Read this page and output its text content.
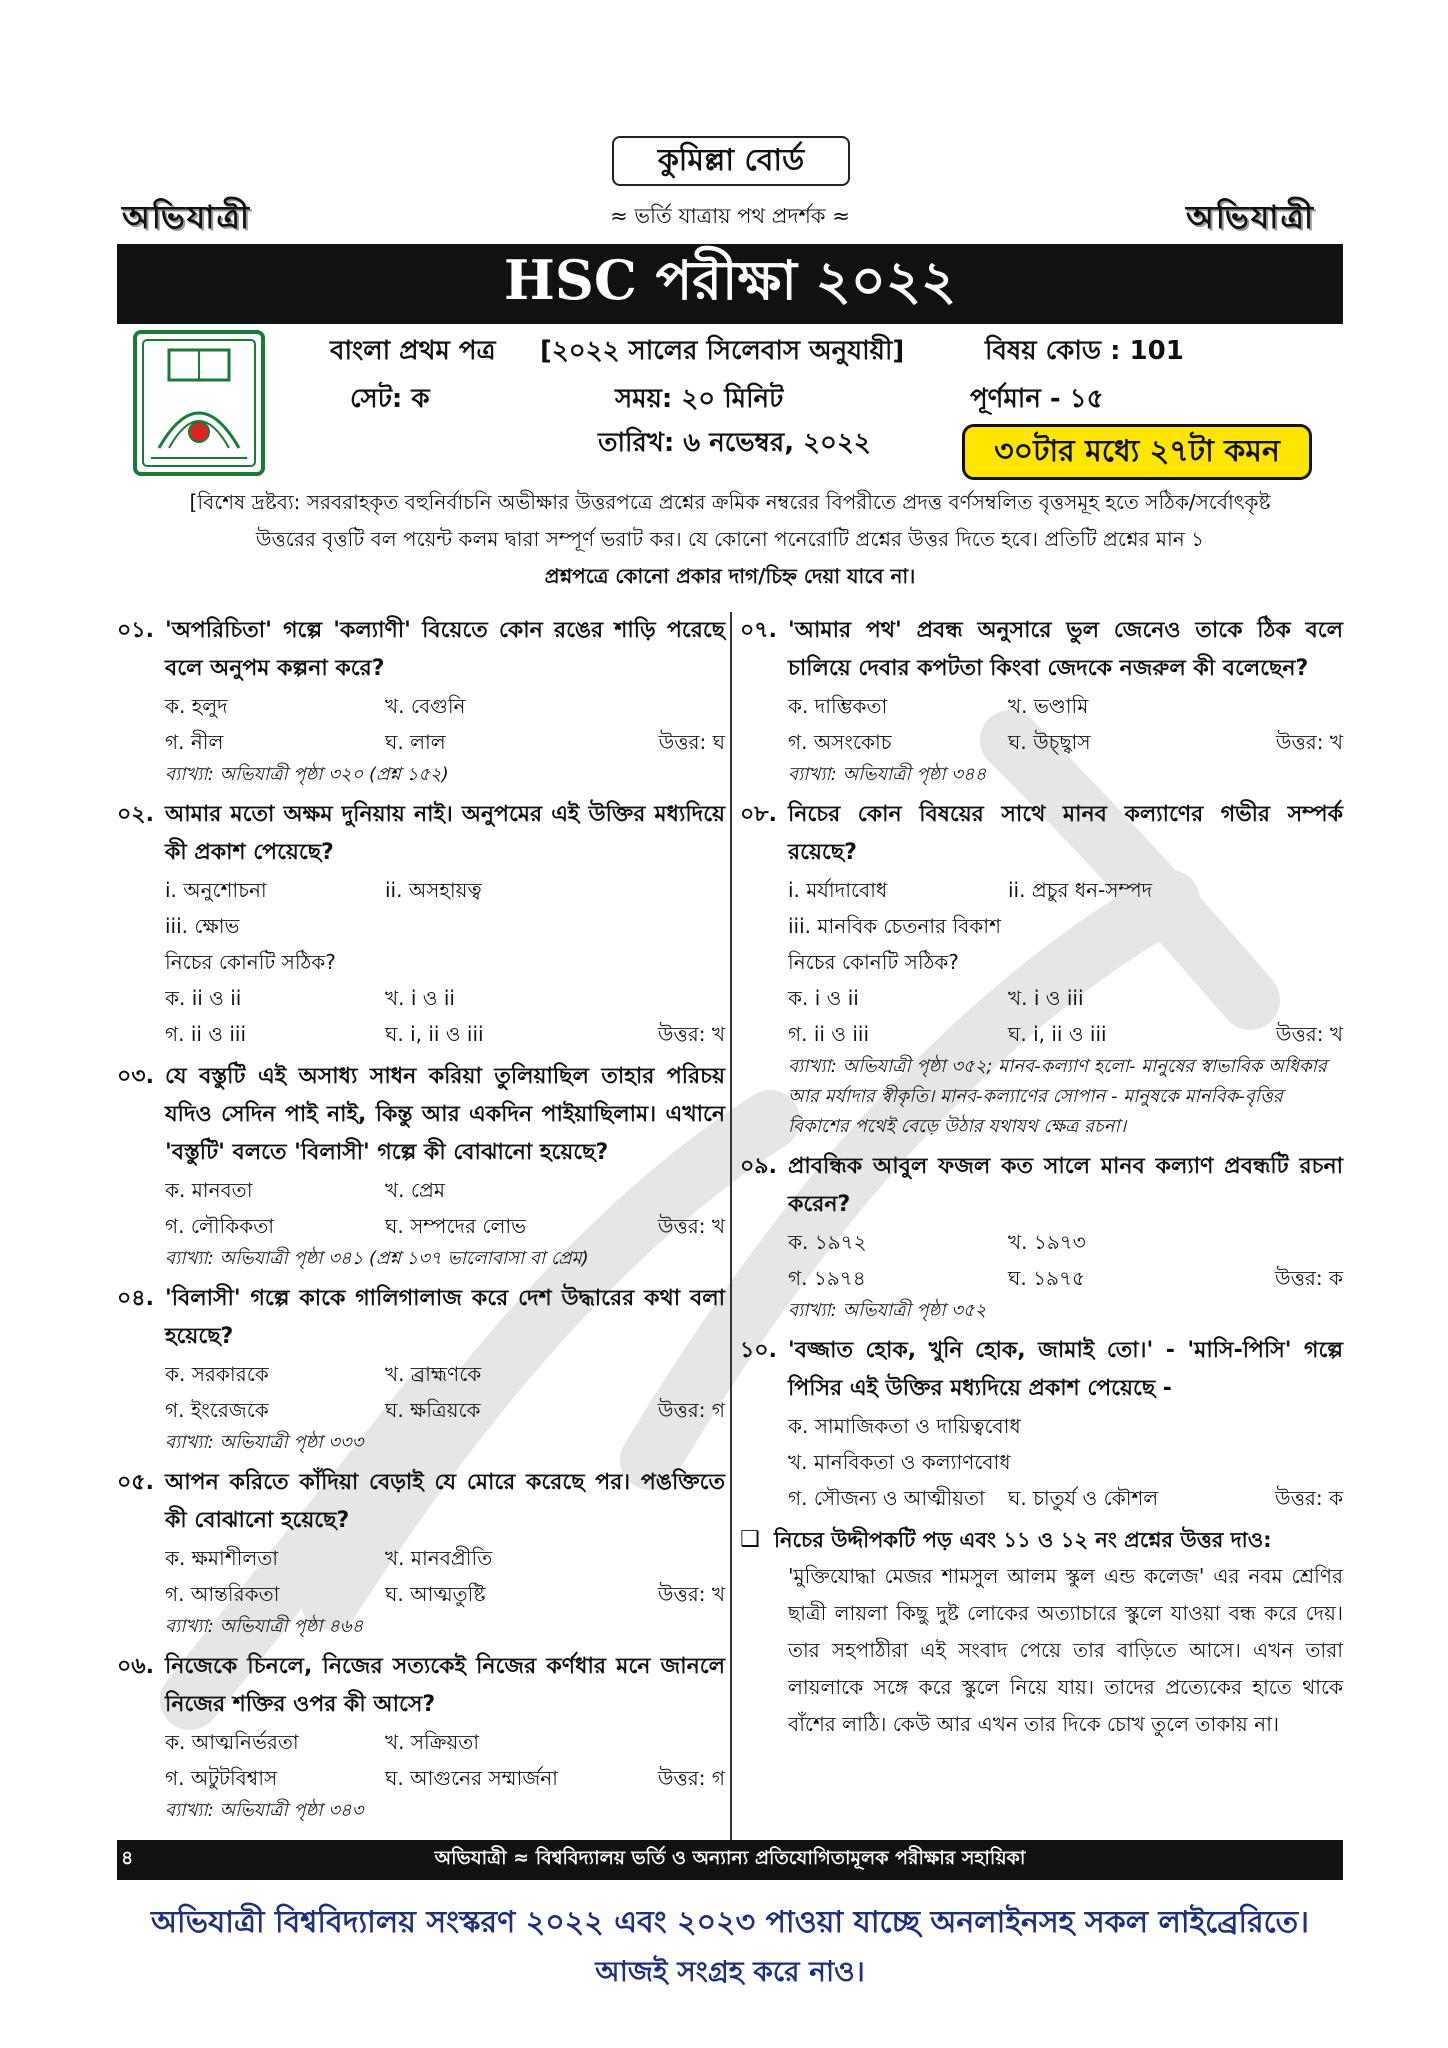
কুমিল্লা বোর্ড
অভিযাত্রী	≈ ভর্তি যাত্রায় পথ প্রদর্শক ≈	অভিযাত্রী
HSC পরীক্ষা ২০২২
বাংলা প্রথম পত্র [২০২২ সালের সিলেবাস অনুযায়ী]	বিষয় কোড : 101
সেট: ক	সময়: ২০ মিনিট	পূর্ণমান - ১৫
তারিখ: ৬ নভেম্বর, ২০২২	৩০টার মধ্যে ২৭টা কমন
[বিশেষ দ্রষ্টব্য: সরবরাহকৃত বহুনির্বাচনি অভীক্ষার উত্তরপত্রে প্রশ্নের ক্রমিক নম্বরের বিপরীতে প্রদত্ত বর্ণসম্বলিত বৃত্তসমূহ হতে সঠিক/সর্বোৎকৃষ্ট
উত্তরের বৃত্তটি বল পয়েন্ট কলম দ্বারা সম্পূর্ণ ভরাট কর। যে কোনো পনেরোটি প্রশ্নের উত্তর দিতে হবে। প্রতিটি প্রশ্নের মান ১
প্রশ্নপত্রে কোনো প্রকার দাগ/চিহ্ন দেয়া যাবে না।
০১. 'অপরিচিতা' গল্পে 'কল্যাণী' বিয়েতে কোন রঙের শাড়ি পরেছে বলে অনুপম কল্পনা করে?
ক. হলুদ	খ. বেগুনি
গ. নীল	ঘ. লাল	উত্তর: ঘ
ব্যাখ্যা: অভিযাত্রী পৃষ্ঠা ৩২০ (প্রশ্ন ১৫২)
০২. আমার মতো অক্ষম দুনিয়ায় নাই। অনুপমের এই উক্তির মধ্যদিয়ে কী প্রকাশ পেয়েছে?
i. অনুশোচনা	ii. অসহায়ত্ব
iii. ক্ষোভ
নিচের কোনটি সঠিক?
ক. ii ও ii	খ. i ও ii
গ. ii ও iii	ঘ. i, ii ও iii	উত্তর: খ
০৩. যে বস্তুটি এই অসাধ্য সাধন করিয়া তুলিয়াছিল তাহার পরিচয় যদিও সেদিন পাই নাই, কিন্তু আর একদিন পাইয়াছিলাম। এখানে 'বস্তুটি' বলতে 'বিলাসী' গল্পে কী বোঝানো হয়েছে?
ক. মানবতা	খ. প্রেম
গ. লৌকিকতা	ঘ. সম্পদের লোভ	উত্তর: খ
ব্যাখ্যা: অভিযাত্রী পৃষ্ঠা ৩৪১ (প্রশ্ন ১৩৭ ভালোবাসা বা প্রেম)
০৪. 'বিলাসী' গল্পে কাকে গালিগালাজ করে দেশ উদ্ধারের কথা বলা হয়েছে?
ক. সরকারকে	খ. ব্রাহ্মণকে
গ. ইংরেজকে	ঘ. ক্ষত্রিয়কে	উত্তর: গ
ব্যাখ্যা: অভিযাত্রী পৃষ্ঠা ৩৩৩
০৫. আপন করিতে কাঁদিয়া বেড়াই যে মোরে করেছে পর। পঙক্তিতে কী বোঝানো হয়েছে?
ক. ক্ষমাশীলতা	খ. মানবপ্রীতি
গ. আন্তরিকতা	ঘ. আত্মতুষ্টি	উত্তর: খ
ব্যাখ্যা: অভিযাত্রী পৃষ্ঠা ৪৬৪
০৬. নিজেকে চিনলে, নিজের সত্যকেই নিজের কর্ণধার মনে জানলে নিজের শক্তির ওপর কী আসে?
ক. আত্মনির্ভরতা	খ. সক্রিয়তা
গ. অটুটবিশ্বাস	ঘ. আগুনের সম্মার্জনা	উত্তর: গ
ব্যাখ্যা: অভিযাত্রী পৃষ্ঠা ৩৪৩
০৭. 'আমার পথ' প্রবন্ধ অনুসারে ভুল জেনেও তাকে ঠিক বলে চালিয়ে দেবার কপটতা কিংবা জেদকে নজরুল কী বলেছেন?
ক. দাম্ভিকতা	খ. ভণ্ডামি
গ. অসংকোচ	ঘ. উচ্ছ্বাস	উত্তর: খ
ব্যাখ্যা: অভিযাত্রী পৃষ্ঠা ৩৪৪
০৮. নিচের কোন বিষয়ের সাথে মানব কল্যাণের গভীর সম্পর্ক রয়েছে?
i. মর্যাদাবোধ	ii. প্রচুর ধন-সম্পদ
iii. মানবিক চেতনার বিকাশ
নিচের কোনটি সঠিক?
ক. i ও ii	খ. i ও iii
গ. ii ও iii	ঘ. i, ii ও iii	উত্তর: খ
ব্যাখ্যা: অভিযাত্রী পৃষ্ঠা ৩৫২; মানব-কল্যাণ হলো- মানুষের স্বাভাবিক অধিকার আর মর্যাদার স্বীকৃতি। মানব-কল্যাণের সোপান - মানুষকে মানবিক-বৃত্তির বিকাশের পথেই বেড়ে উঠার যথাযথ ক্ষেত্র রচনা।
০৯. প্রাবন্ধিক আবুল ফজল কত সালে মানব কল্যাণ প্রবন্ধটি রচনা করেন?
ক. ১৯৭২	খ. ১৯৭৩
গ. ১৯৭৪	ঘ. ১৯৭৫	উত্তর: ক
ব্যাখ্যা: অভিযাত্রী পৃষ্ঠা ৩৫২
১০. 'বজ্জাত হোক, খুনি হোক, জামাই তো।' - 'মাসি-পিসি' গল্পে পিসির এই উক্তির মধ্যদিয়ে প্রকাশ পেয়েছে -
ক. সামাজিকতা ও দায়িত্ববোধ
খ. মানবিকতা ও কল্যাণবোধ
গ. সৌজন্য ও আত্মীয়তা	ঘ. চাতুর্য ও কৌশল	উত্তর: ক
❑ নিচের উদ্দীপকটি পড় এবং ১১ ও ১২ নং প্রশ্নের উত্তর দাও:
'মুক্তিযোদ্ধা মেজর শামসুল আলম স্কুল এন্ড কলেজ' এর নবম শ্রেণির ছাত্রী লায়লা কিছু দুষ্ট লোকের অত্যাচারে স্কুলে যাওয়া বন্ধ করে দেয়। তার সহপাঠীরা এই সংবাদ পেয়ে তার বাড়িতে আসে। এখন তারা লায়লাকে সঙ্গে করে স্কুলে নিয়ে যায়। তাদের প্রত্যেকের হাতে থাকে বাঁশের লাঠি। কেউ আর এখন তার দিকে চোখ তুলে তাকায় না।
৪	অভিযাত্রী ≈ বিশ্ববিদ্যালয় ভর্তি ও অন্যান্য প্রতিযোগিতামূলক পরীক্ষার সহায়িকা
অভিযাত্রী বিশ্ববিদ্যালয় সংস্করণ ২০২২ এবং ২০২৩ পাওয়া যাচ্ছে অনলাইনসহ সকল লাইব্রেরিতে।
আজই সংগ্রহ করে নাও।
